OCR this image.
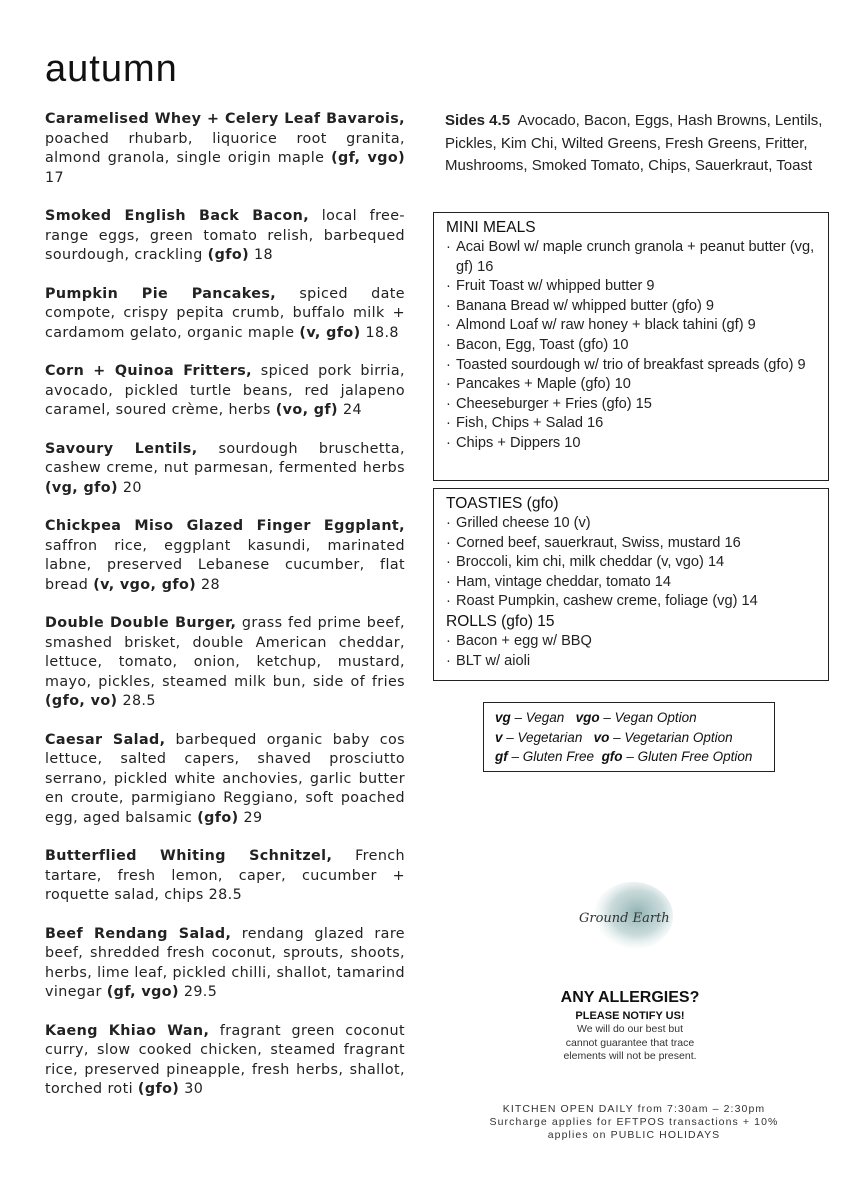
autumn

Caramelised Whey + Celery Leaf Bavarois, poached rhubarb, liquorice root granita, almond granola, single origin maple (gf, vgo) 17

Smoked English Back Bacon, local free-range eggs, green tomato relish, barbequed sourdough, crackling (gfo) 18

Pumpkin Pie Pancakes, spiced date compote, crispy pepita crumb, buffalo milk + cardamom gelato, organic maple (v, gfo) 18.8

Corn + Quinoa Fritters, spiced pork birria, avocado, pickled turtle beans, red jalapeno caramel, soured crème, herbs (vo, gf) 24

Savoury Lentils, sourdough bruschetta, cashew creme, nut parmesan, fermented herbs (vg, gfo) 20

Chickpea Miso Glazed Finger Eggplant, saffron rice, eggplant kasundi, marinated labne, preserved Lebanese cucumber, flat bread (v, vgo, gfo) 28

Double Double Burger, grass fed prime beef, smashed brisket, double American cheddar, lettuce, tomato, onion, ketchup, mustard, mayo, pickles, steamed milk bun, side of fries (gfo, vo) 28.5

Caesar Salad, barbequed organic baby cos lettuce, salted capers, shaved prosciutto serrano, pickled white anchovies, garlic butter en croute, parmigiano Reggiano, soft poached egg, aged balsamic (gfo) 29

Butterflied Whiting Schnitzel, French tartare, fresh lemon, caper, cucumber + roquette salad, chips 28.5

Beef Rendang Salad, rendang glazed rare beef, shredded fresh coconut, sprouts, shoots, herbs, lime leaf, pickled chilli, shallot, tamarind vinegar (gf, vgo) 29.5

Kaeng Khiao Wan, fragrant green coconut curry, slow cooked chicken, steamed fragrant rice, preserved pineapple, fresh herbs, shallot, torched roti (gfo) 30

Sides 4.5 Avocado, Bacon, Eggs, Hash Browns, Lentils, Pickles, Kim Chi, Wilted Greens, Fresh Greens, Fritter, Mushrooms, Smoked Tomato, Chips, Sauerkraut, Toast

MINI MEALS
· Acai Bowl w/ maple crunch granola + peanut butter (vg, gf) 16
· Fruit Toast w/ whipped butter 9
· Banana Bread w/ whipped butter (gfo) 9
· Almond Loaf w/ raw honey + black tahini (gf) 9
· Bacon, Egg, Toast (gfo) 10
· Toasted sourdough w/ trio of breakfast spreads (gfo) 9
· Pancakes + Maple (gfo) 10
· Cheeseburger + Fries (gfo) 15
· Fish, Chips + Salad 16
· Chips + Dippers 10
TOASTIES (gfo)
· Grilled cheese 10 (v)
· Corned beef, sauerkraut, Swiss, mustard 16
· Broccoli, kim chi, milk cheddar (v, vgo) 14
· Ham, vintage cheddar, tomato 14
· Roast Pumpkin, cashew creme, foliage (vg) 14
ROLLS (gfo) 15
· Bacon + egg w/ BBQ
· BLT w/ aioli
vg – Vegan vgo – Vegan Option
v – Vegetarian vo – Vegetarian Option
gf – Gluten Free gfo – Gluten Free Option
Ground Earth
ANY ALLERGIES?
PLEASE NOTIFY US!
We will do our best but
cannot guarantee that trace
elements will not be present.
KITCHEN OPEN DAILY from 7:30am – 2:30pm
Surcharge applies for EFTPOS transactions + 10%
applies on PUBLIC HOLIDAYS
